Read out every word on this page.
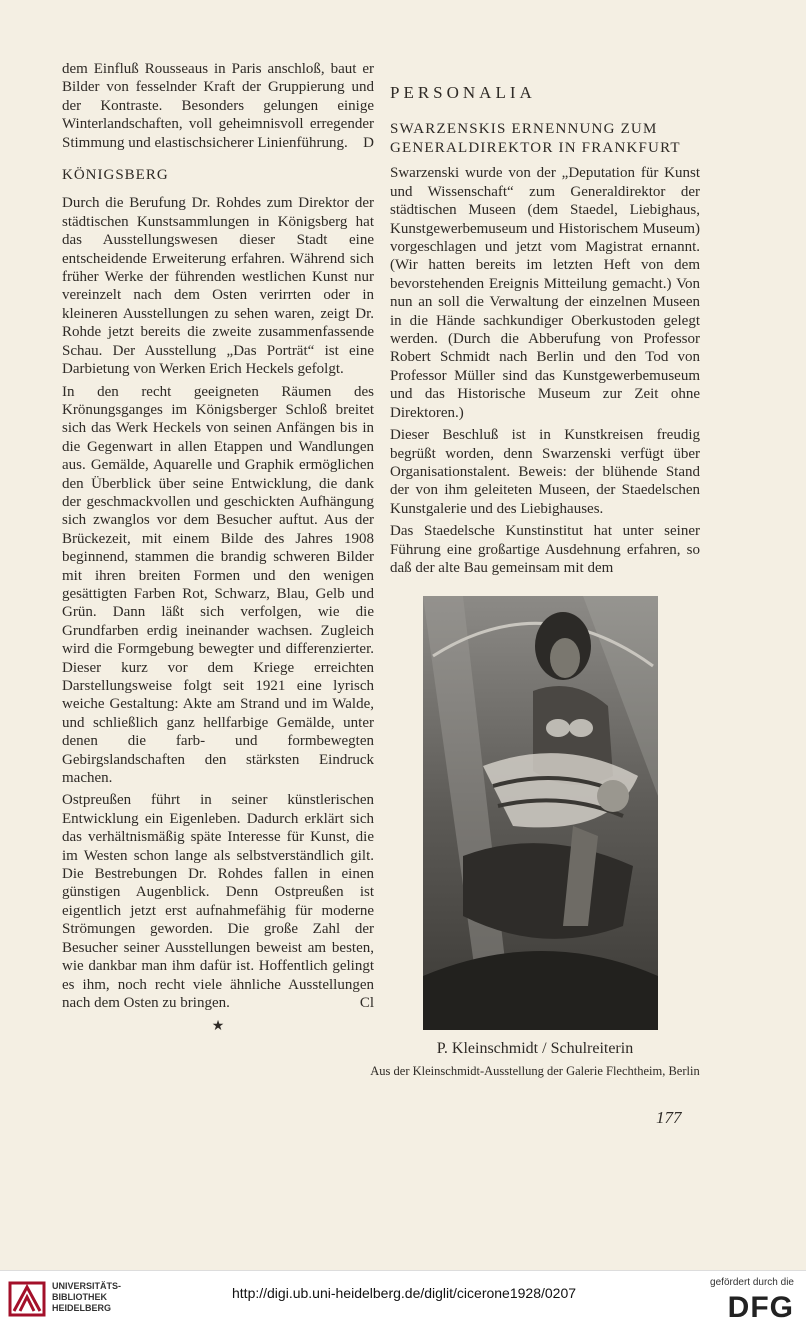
dem Einfluß Rousseaus in Paris anschloß, baut er Bilder von fesselnder Kraft der Gruppierung und der Kontraste. Besonders gelungen einige Winterlandschaften, voll geheimnisvoll erregender Stimmung und elastischsicherer Linienführung. D

KÖNIGSBERG

Durch die Berufung Dr. Rohdes zum Direktor der städtischen Kunstsammlungen in Königsberg hat das Ausstellungswesen dieser Stadt eine entscheidende Erweiterung erfahren. Während sich früher Werke der führenden westlichen Kunst nur vereinzelt nach dem Osten verirrten oder in kleineren Ausstellungen zu sehen waren, zeigt Dr. Rohde jetzt bereits die zweite zusammenfassende Schau. Der Ausstellung „Das Porträt“ ist eine Darbietung von Werken Erich Heckels gefolgt.

In den recht geeigneten Räumen des Krönungsganges im Königsberger Schloß breitet sich das Werk Heckels von seinen Anfängen bis in die Gegenwart in allen Etappen und Wandlungen aus. Gemälde, Aquarelle und Graphik ermöglichen den Überblick über seine Entwicklung, die dank der geschmackvollen und geschickten Aufhängung sich zwanglos vor dem Besucher auftut. Aus der Brückezeit, mit einem Bilde des Jahres 1908 beginnend, stammen die brandig schweren Bilder mit ihren breiten Formen und den wenigen gesättigten Farben Rot, Schwarz, Blau, Gelb und Grün. Dann läßt sich verfolgen, wie die Grundfarben erdig ineinander wachsen. Zugleich wird die Formgebung bewegter und differenzierter. Dieser kurz vor dem Kriege erreichten Darstellungsweise folgt seit 1921 eine lyrisch weiche Gestaltung: Akte am Strand und im Walde, und schließlich ganz hellfarbige Gemälde, unter denen die farb- und formbewegten Gebirgslandschaften den stärksten Eindruck machen.

Ostpreußen führt in seiner künstlerischen Entwicklung ein Eigenleben. Dadurch erklärt sich das verhältnismäßig späte Interesse für Kunst, die im Westen schon lange als selbstverständlich gilt. Die Bestrebungen Dr. Rohdes fallen in einen günstigen Augenblick. Denn Ostpreußen ist eigentlich jetzt erst aufnahmefähig für moderne Strömungen geworden. Die große Zahl der Besucher seiner Ausstellungen beweist am besten, wie dankbar man ihm dafür ist. Hoffentlich gelingt es ihm, noch recht viele ähnliche Ausstellungen nach dem Osten zu bringen.	Cl

★
PERSONALIA
SWARZENSKIS ERNENNUNG ZUM
GENERALDIREKTOR IN FRANKFURT

Swarzenski wurde von der „Deputation für Kunst und Wissenschaft“ zum Generaldirektor der städtischen Museen (dem Staedel, Liebighaus, Kunstgewerbemuseum und Historischem Museum) vorgeschlagen und jetzt vom Magistrat ernannt. (Wir hatten bereits im letzten Heft von dem bevorstehenden Ereignis Mitteilung gemacht.) Von nun an soll die Verwaltung der einzelnen Museen in die Hände sachkundiger Oberkustoden gelegt werden. (Durch die Abberufung von Professor Robert Schmidt nach Berlin und den Tod von Professor Müller sind das Kunstgewerbemuseum und das Historische Museum zur Zeit ohne Direktoren.)

Dieser Beschluß ist in Kunstkreisen freudig begrüßt worden, denn Swarzenski verfügt über Organisationstalent. Beweis: der blühende Stand der von ihm geleiteten Museen, der Staedelschen Kunstgalerie und des Liebighauses.

Das Staedelsche Kunstinstitut hat unter seiner Führung eine großartige Ausdehnung erfahren, so daß der alte Bau gemeinsam mit dem

P. Kleinschmidt / Schulreiterin
Aus der Kleinschmidt-Ausstellung der Galerie Flechtheim, Berlin
177
UNIVERSITÄTS-
BIBLIOTHEK
HEIDELBERG
http://digi.ub.uni-heidelberg.de/diglit/cicerone1928/0207
gefördert durch die
DFG
